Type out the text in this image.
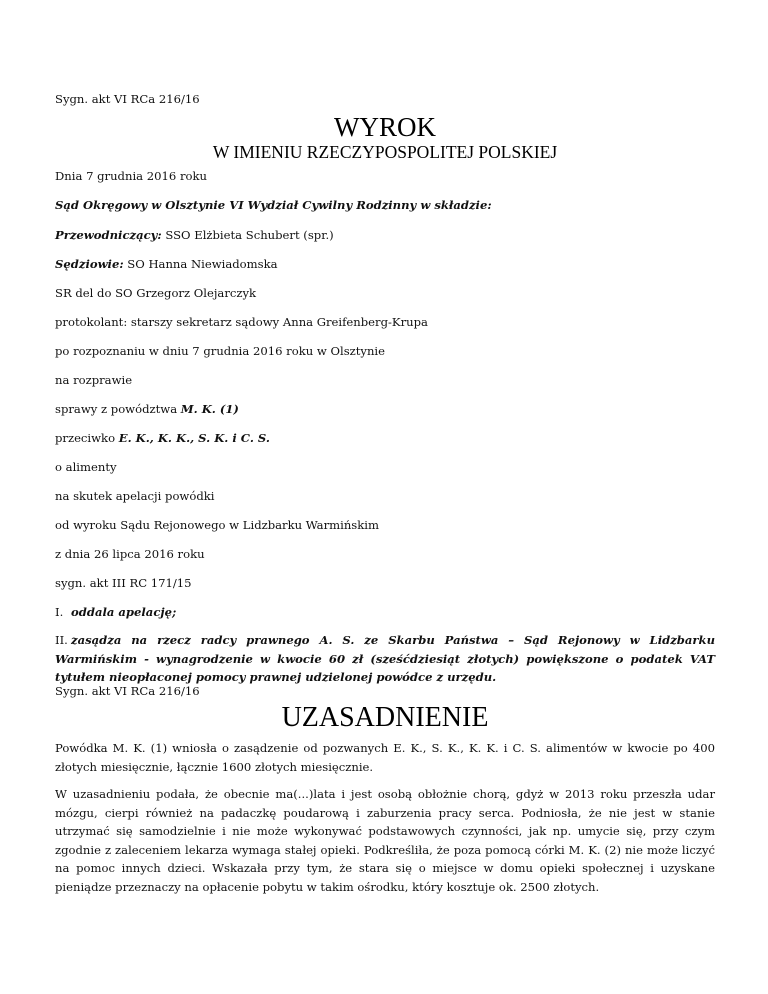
Sygn. akt VI RCa 216/16
WYROK
W IMIENIU RZECZYPOSPOLITEJ POLSKIEJ
Dnia 7 grudnia 2016 roku
Sąd Okręgowy w Olsztynie VI Wydział Cywilny Rodzinny w składzie:
Przewodniczący: SSO Elżbieta Schubert (spr.)
Sędziowie: SO Hanna Niewiadomska
SR del do SO Grzegorz Olejarczyk
protokolant: starszy sekretarz sądowy Anna Greifenberg-Krupa
po rozpoznaniu w dniu 7 grudnia 2016 roku w Olsztynie
na rozprawie
sprawy z powództwa M. K. (1)
przeciwko E. K., K. K., S. K. i C. S.
o alimenty
na skutek apelacji powódki
od wyroku Sądu Rejonowego w Lidzbarku Warmińskim
z dnia 26 lipca 2016 roku
sygn. akt III RC 171/15
I. oddala apelację;
II. zasądza na rzecz radcy prawnego A. S. ze Skarbu Państwa – Sąd Rejonowy w Lidzbarku Warmińskim - wynagrodzenie w kwocie 60 zł (sześćdziesiąt złotych) powiększone o podatek VAT tytułem nieopłaconej pomocy prawnej udzielonej powódce z urzędu.
Sygn. akt VI RCa 216/16
UZASADNIENIE
Powódka M. K. (1) wniosła o zasądzenie od pozwanych E. K., S. K., K. K. i C. S. alimentów w kwocie po 400 złotych miesięcznie, łącznie 1600 złotych miesięcznie.
W uzasadnieniu podała, że obecnie ma(...)lata i jest osobą obłożnie chorą, gdyż w 2013 roku przeszła udar mózgu, cierpi również na padaczkę poudarową i zaburzenia pracy serca. Podniosła, że nie jest w stanie utrzymać się samodzielnie i nie może wykonywać podstawowych czynności, jak np. umycie się, przy czym zgodnie z zaleceniem lekarza wymaga stałej opieki. Podkreśliła, że poza pomocą córki M. K. (2) nie może liczyć na pomoc innych dzieci. Wskazała przy tym, że stara się o miejsce w domu opieki społecznej i uzyskane pieniądze przeznaczy na opłacenie pobytu w takim ośrodku, który kosztuje ok. 2500 złotych.
